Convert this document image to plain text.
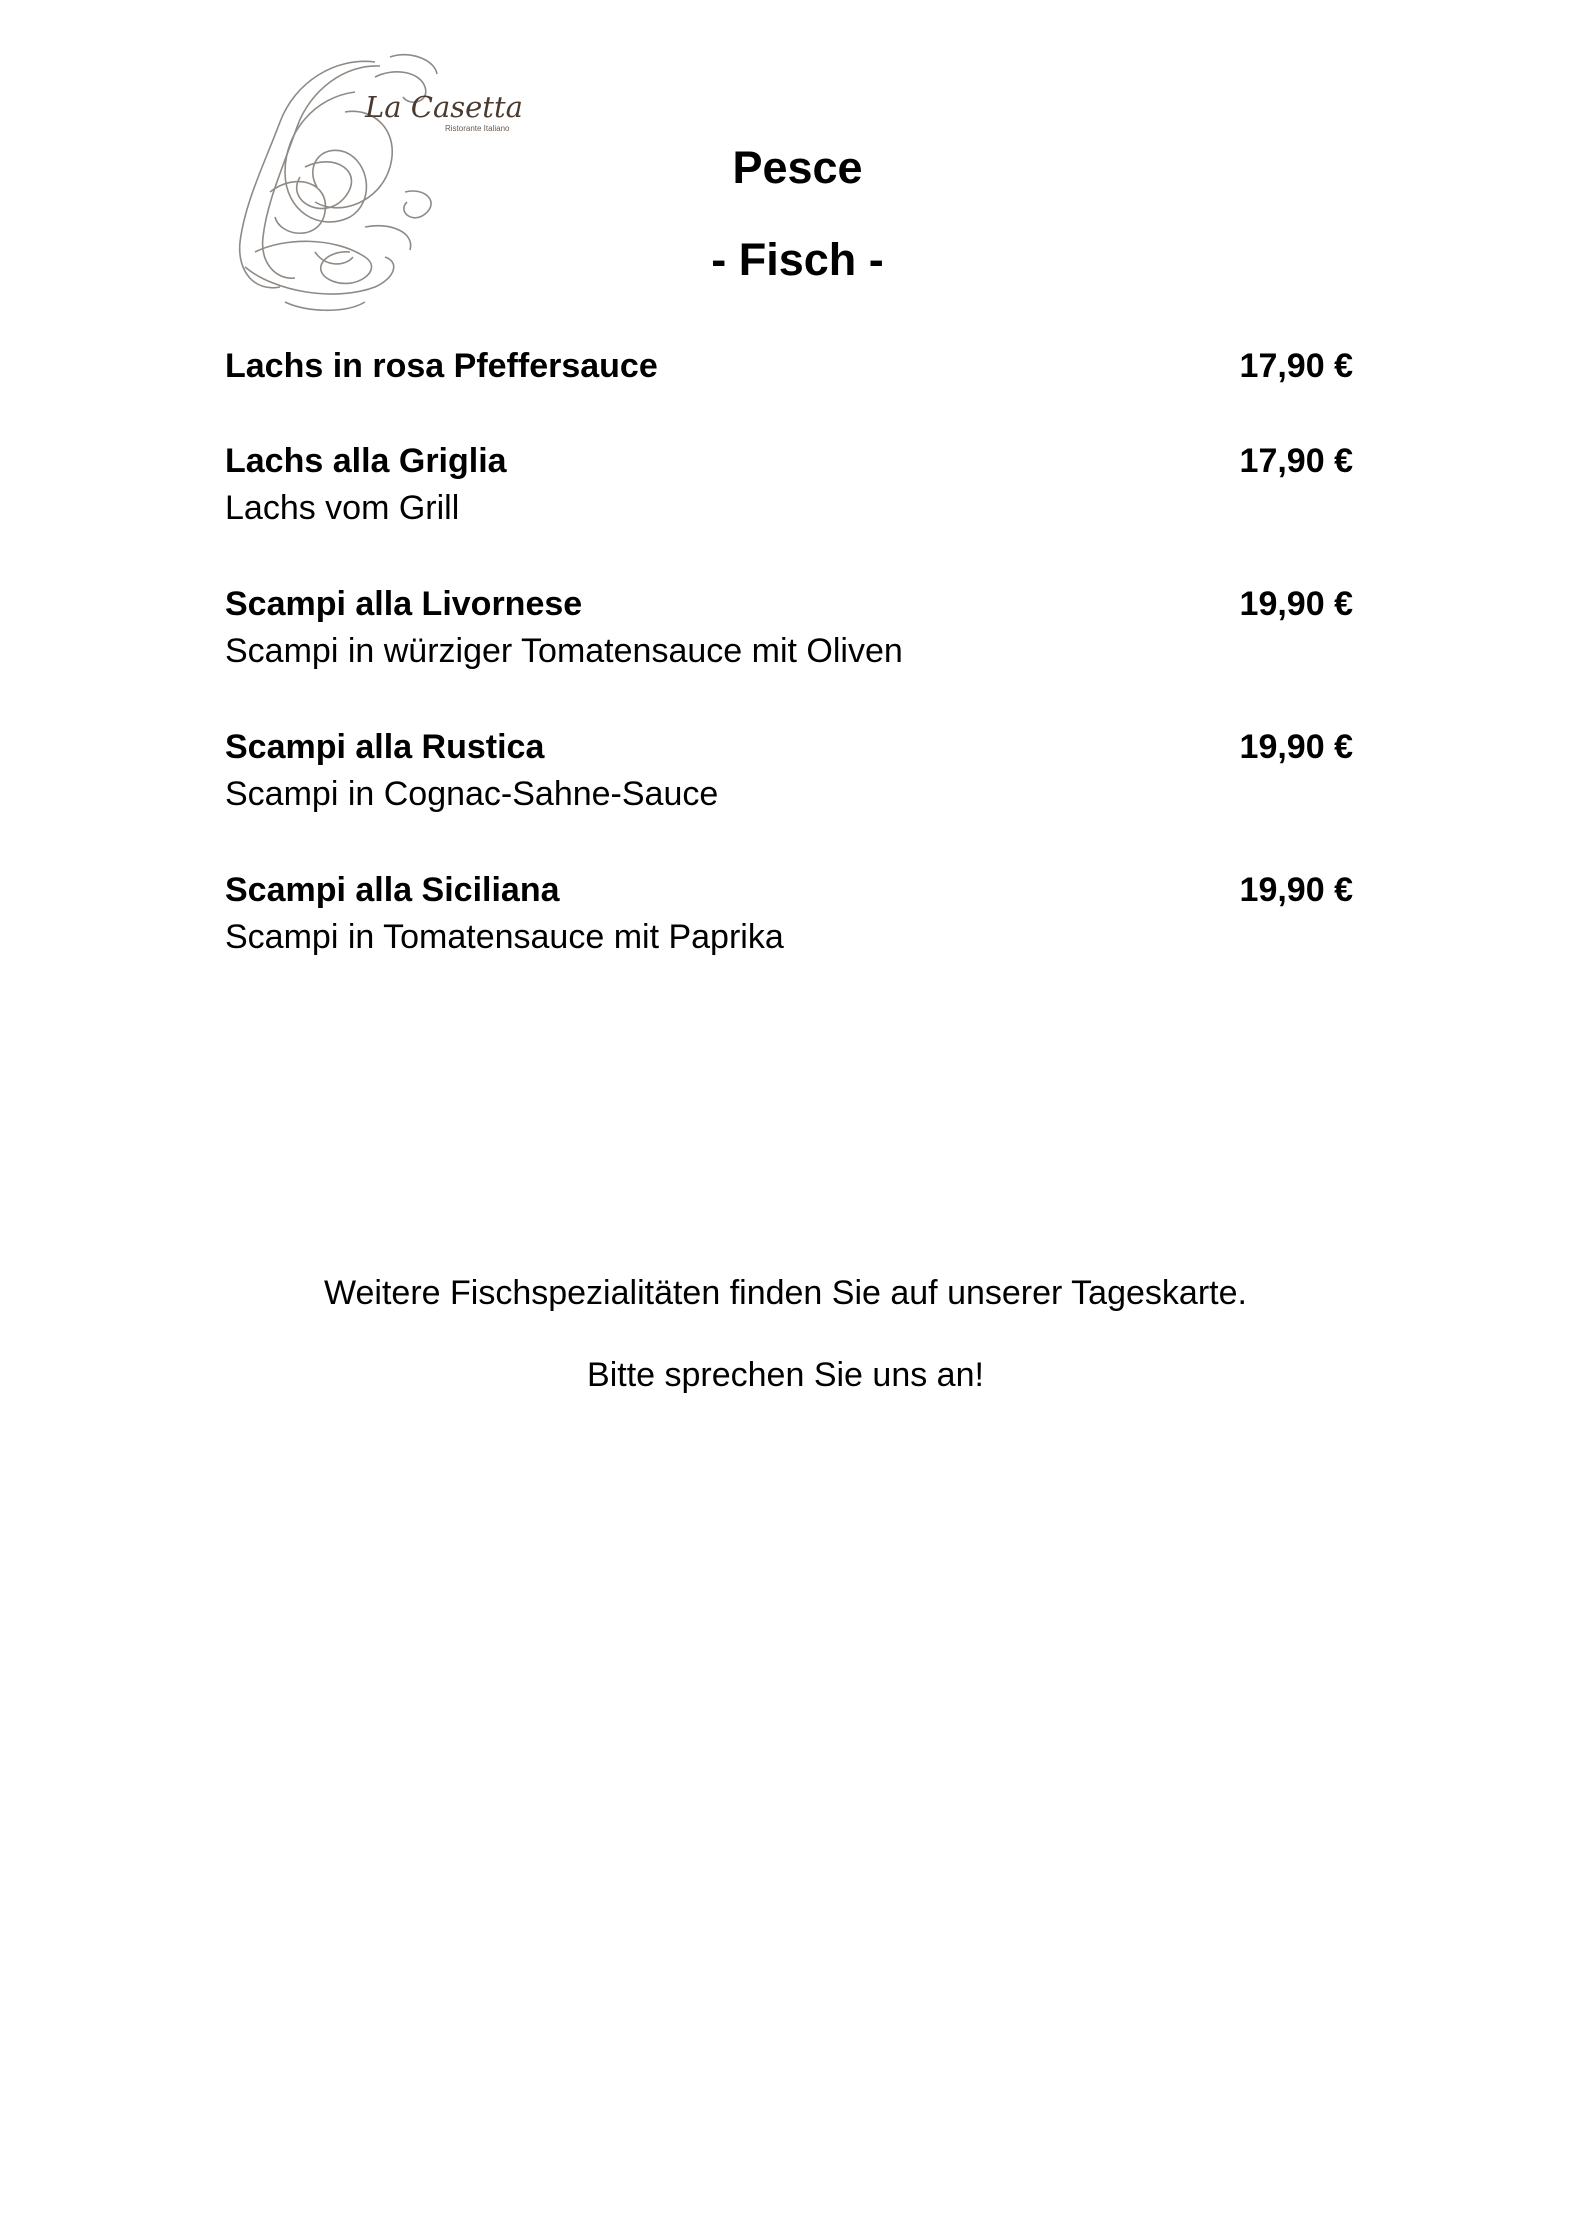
La Casetta
Ristorante Italiano
Pesce
- Fisch -
Lachs in rosa Pfeffersauce	17,90 €
Lachs alla Griglia	17,90 €
Lachs vom Grill
Scampi alla Livornese	19,90 €
Scampi in würziger Tomatensauce mit Oliven
Scampi alla Rustica	19,90 €
Scampi in Cognac-Sahne-Sauce
Scampi alla Siciliana	19,90 €
Scampi in Tomatensauce mit Paprika
Weitere Fischspezialitäten finden Sie auf unserer Tageskarte.
Bitte sprechen Sie uns an!
